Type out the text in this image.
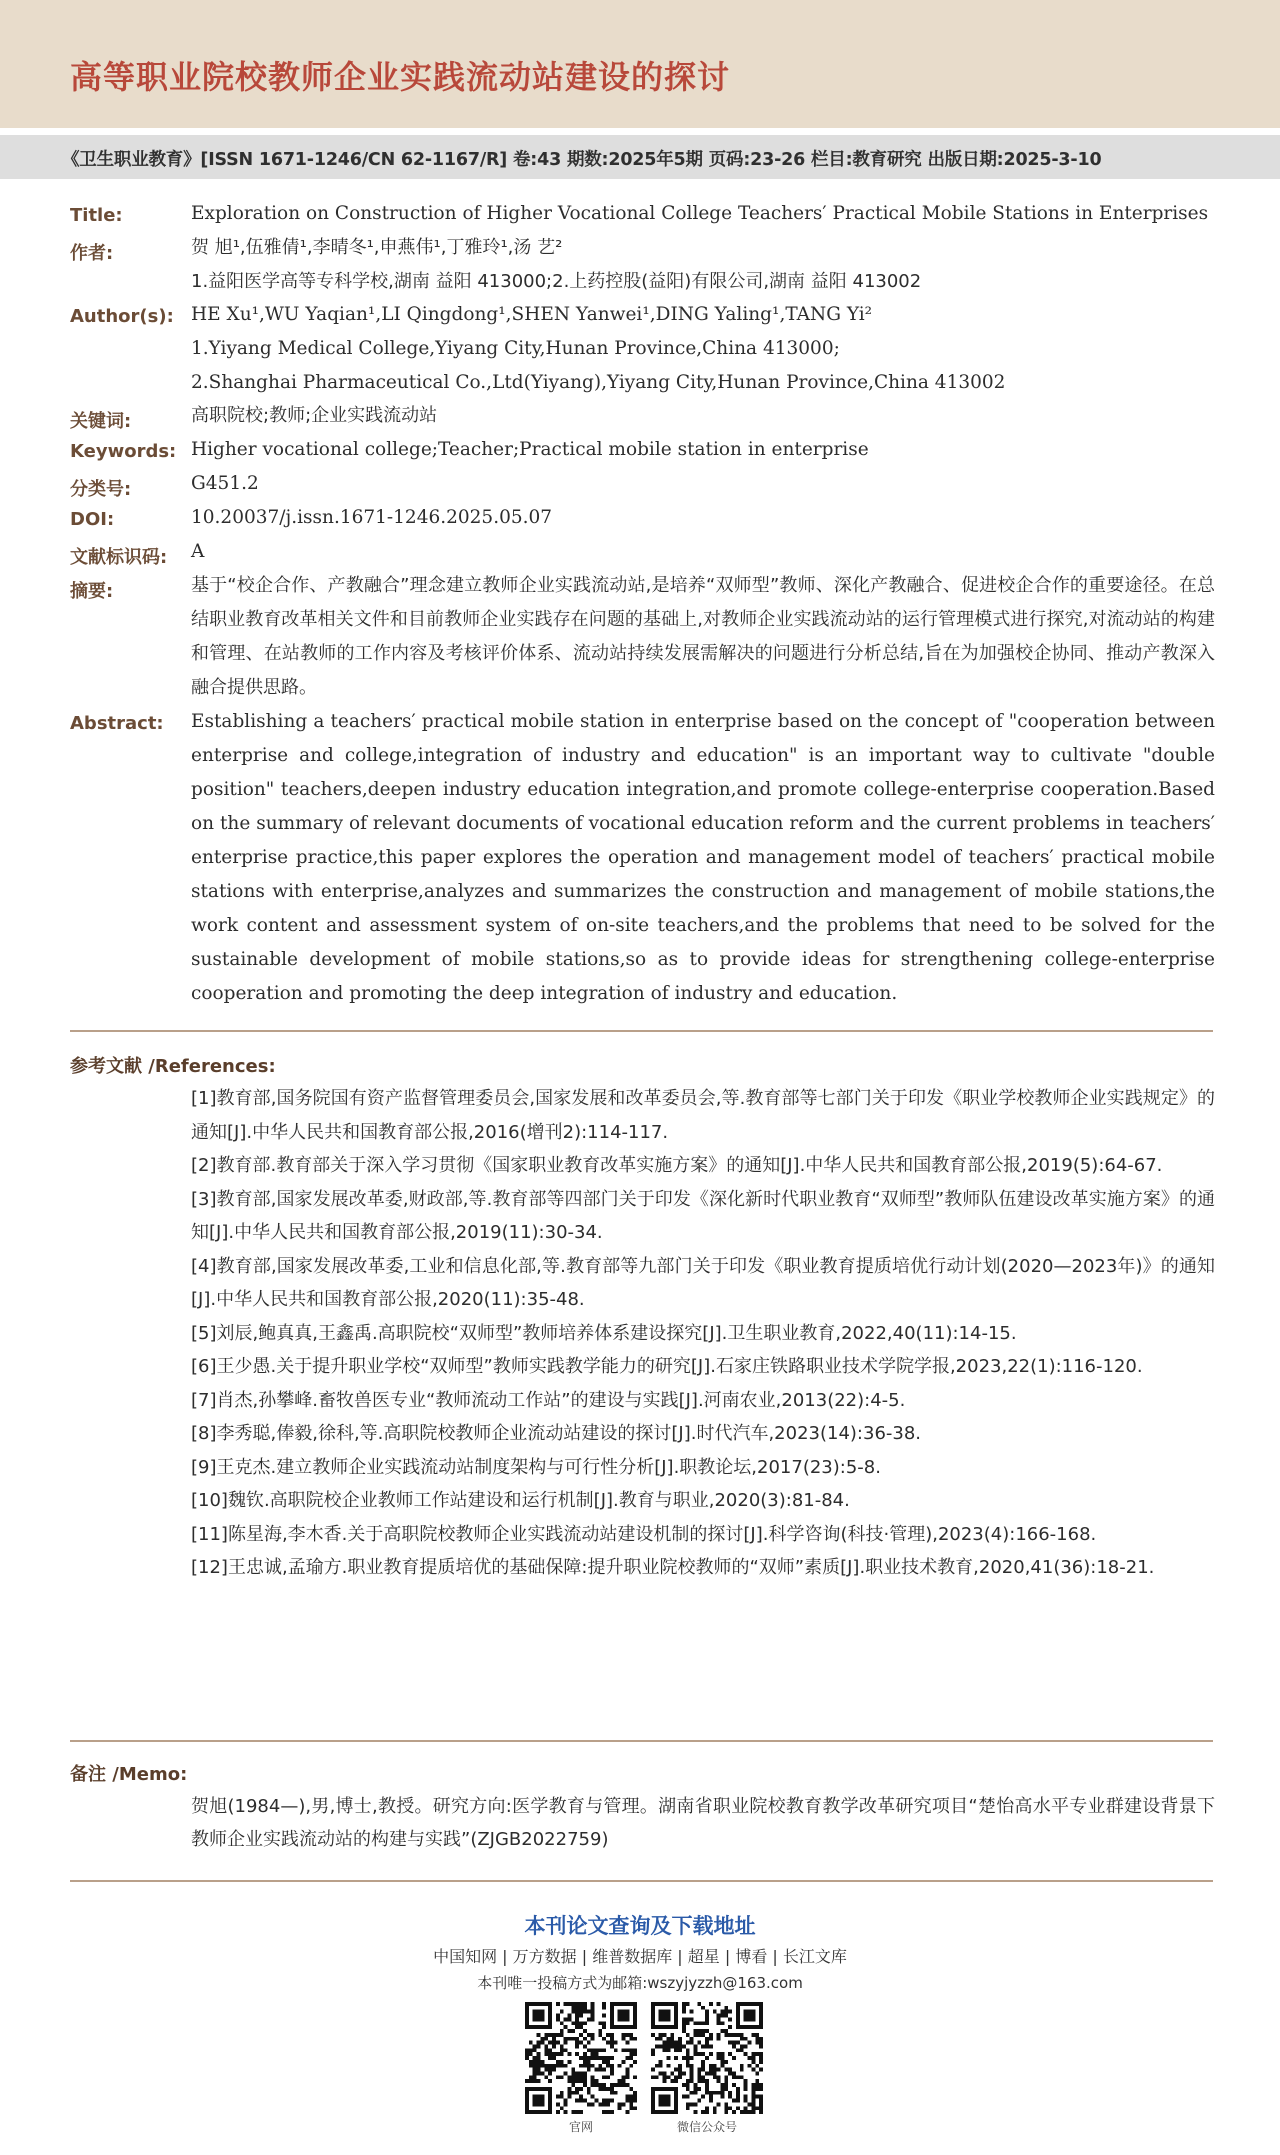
高等职业院校教师企业实践流动站建设的探讨
《卫生职业教育》[ISSN 1671-1246/CN 62-1167/R] 卷:43 期数:2025年5期 页码:23-26 栏目:教育研究 出版日期:2025-3-10
Title:	Exploration on Construction of Higher Vocational College Teachers′ Practical Mobile Stations in Enterprises
作者:	贺 旭¹,伍雅倩¹,李晴冬¹,申燕伟¹,丁雅玲¹,汤 艺²
1.益阳医学高等专科学校,湖南 益阳 413000;2.上药控股(益阳)有限公司,湖南 益阳 413002
Author(s): HE Xu¹,WU Yaqian¹,LI Qingdong¹,SHEN Yanwei¹,DING Yaling¹,TANG Yi²
1.Yiyang Medical College,Yiyang City,Hunan Province,China 413000;
2.Shanghai Pharmaceutical Co.,Ltd(Yiyang),Yiyang City,Hunan Province,China 413002
关键词:	高职院校;教师;企业实践流动站
Keywords: Higher vocational college;Teacher;Practical mobile station in enterprise
分类号:	G451.2
DOI:	10.20037/j.issn.1671-1246.2025.05.07
文献标识码: A
摘要:	基于“校企合作、产教融合”理念建立教师企业实践流动站,是培养“双师型”教师、深化产教融合、促进校企合作的重要途径。在总结职业教育改革相关文件和目前教师企业实践存在问题的基础上,对教师企业实践流动站的运行管理模式进行探究,对流动站的构建和管理、在站教师的工作内容及考核评价体系、流动站持续发展需解决的问题进行分析总结,旨在为加强校企协同、推动产教深入融合提供思路。
Abstract: Establishing a teachers′ practical mobile station in enterprise based on the concept of "cooperation between enterprise and college,integration of industry and education" is an important way to cultivate "double position" teachers,deepen industry education integration,and promote college-enterprise cooperation.Based on the summary of relevant documents of vocational education reform and the current problems in teachers′ enterprise practice,this paper explores the operation and management model of teachers′ practical mobile stations with enterprise,analyzes and summarizes the construction and management of mobile stations,the work content and assessment system of on-site teachers,and the problems that need to be solved for the sustainable development of mobile stations,so as to provide ideas for strengthening college-enterprise cooperation and promoting the deep integration of industry and education.
参考文献 /References:
[1]教育部,国务院国有资产监督管理委员会,国家发展和改革委员会,等.教育部等七部门关于印发《职业学校教师企业实践规定》的通知[J].中华人民共和国教育部公报,2016(增刊2):114-117.
[2]教育部.教育部关于深入学习贯彻《国家职业教育改革实施方案》的通知[J].中华人民共和国教育部公报,2019(5):64-67.
[3]教育部,国家发展改革委,财政部,等.教育部等四部门关于印发《深化新时代职业教育“双师型”教师队伍建设改革实施方案》的通知[J].中华人民共和国教育部公报,2019(11):30-34.
[4]教育部,国家发展改革委,工业和信息化部,等.教育部等九部门关于印发《职业教育提质培优行动计划(2020—2023年)》的通知[J].中华人民共和国教育部公报,2020(11):35-48.
[5]刘辰,鲍真真,王鑫禹.高职院校“双师型”教师培养体系建设探究[J].卫生职业教育,2022,40(11):14-15.
[6]王少愚.关于提升职业学校“双师型”教师实践教学能力的研究[J].石家庄铁路职业技术学院学报,2023,22(1):116-120.
[7]肖杰,孙攀峰.畜牧兽医专业“教师流动工作站”的建设与实践[J].河南农业,2013(22):4-5.
[8]李秀聪,俸毅,徐科,等.高职院校教师企业流动站建设的探讨[J].时代汽车,2023(14):36-38.
[9]王克杰.建立教师企业实践流动站制度架构与可行性分析[J].职教论坛,2017(23):5-8.
[10]魏钦.高职院校企业教师工作站建设和运行机制[J].教育与职业,2020(3):81-84.
[11]陈星海,李木香.关于高职院校教师企业实践流动站建设机制的探讨[J].科学咨询(科技·管理),2023(4):166-168.
[12]王忠诚,孟瑜方.职业教育提质培优的基础保障:提升职业院校教师的“双师”素质[J].职业技术教育,2020,41(36):18-21.
备注 /Memo:
贺旭(1984—),男,博士,教授。研究方向:医学教育与管理。湖南省职业院校教育教学改革研究项目“楚怡高水平专业群建设背景下教师企业实践流动站的构建与实践”(ZJGB2022759)
本刊论文查询及下载地址
中国知网 | 万方数据 | 维普数据库 | 超星 | 博看 | 长江文库
本刊唯一投稿方式为邮箱:wszyjyzzh@163.com
官网	微信公众号
